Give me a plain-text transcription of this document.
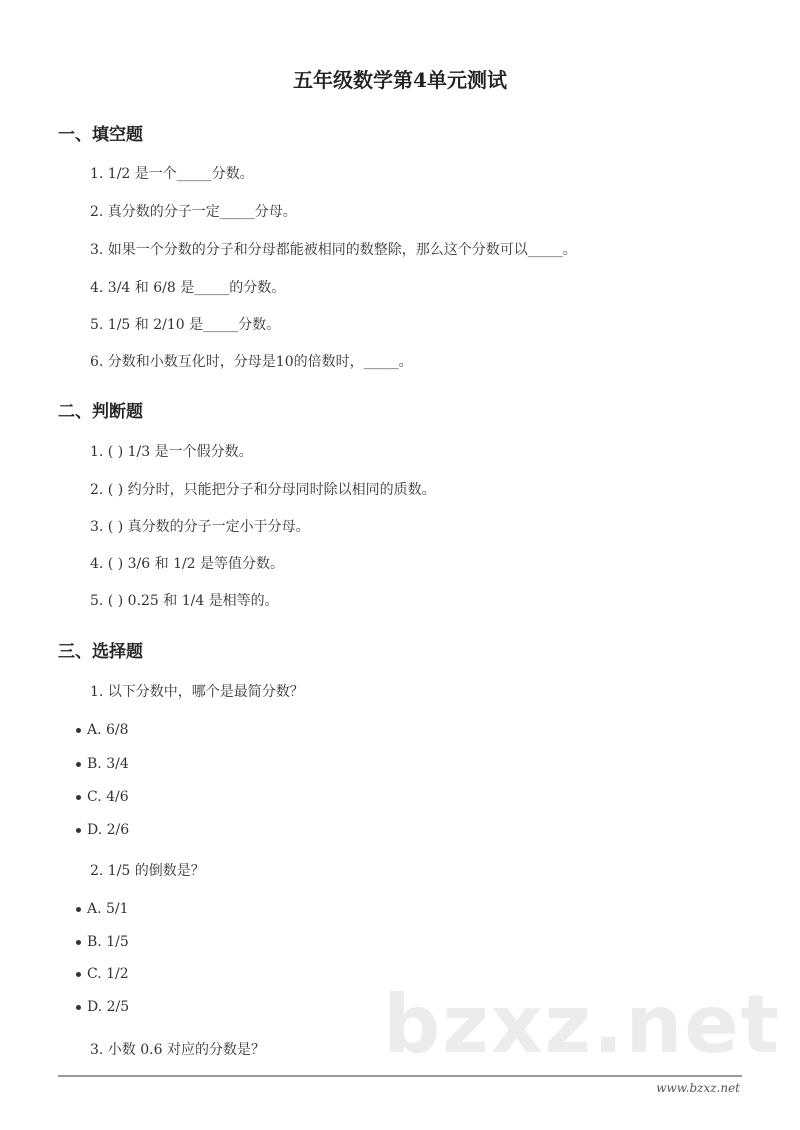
五年级数学第4单元测试
一、填空题
1. 1/2 是一个_____分数。
2. 真分数的分子一定_____分母。
3. 如果一个分数的分子和分母都能被相同的数整除，那么这个分数可以_____。
4. 3/4 和 6/8 是_____的分数。
5. 1/5 和 2/10 是_____分数。
6. 分数和小数互化时，分母是10的倍数时，_____。
二、判断题
1. ( ) 1/3 是一个假分数。
2. ( ) 约分时，只能把分子和分母同时除以相同的质数。
3. ( ) 真分数的分子一定小于分母。
4. ( ) 3/6 和 1/2 是等值分数。
5. ( ) 0.25 和 1/4 是相等的。
三、选择题
1. 以下分数中，哪个是最简分数？
A. 6/8
B. 3/4
C. 4/6
D. 2/6
2. 1/5 的倒数是？
A. 5/1
B. 1/5
C. 1/2
D. 2/5	bzxz.net
3. 小数 0.6 对应的分数是？
www.bzxz.net
